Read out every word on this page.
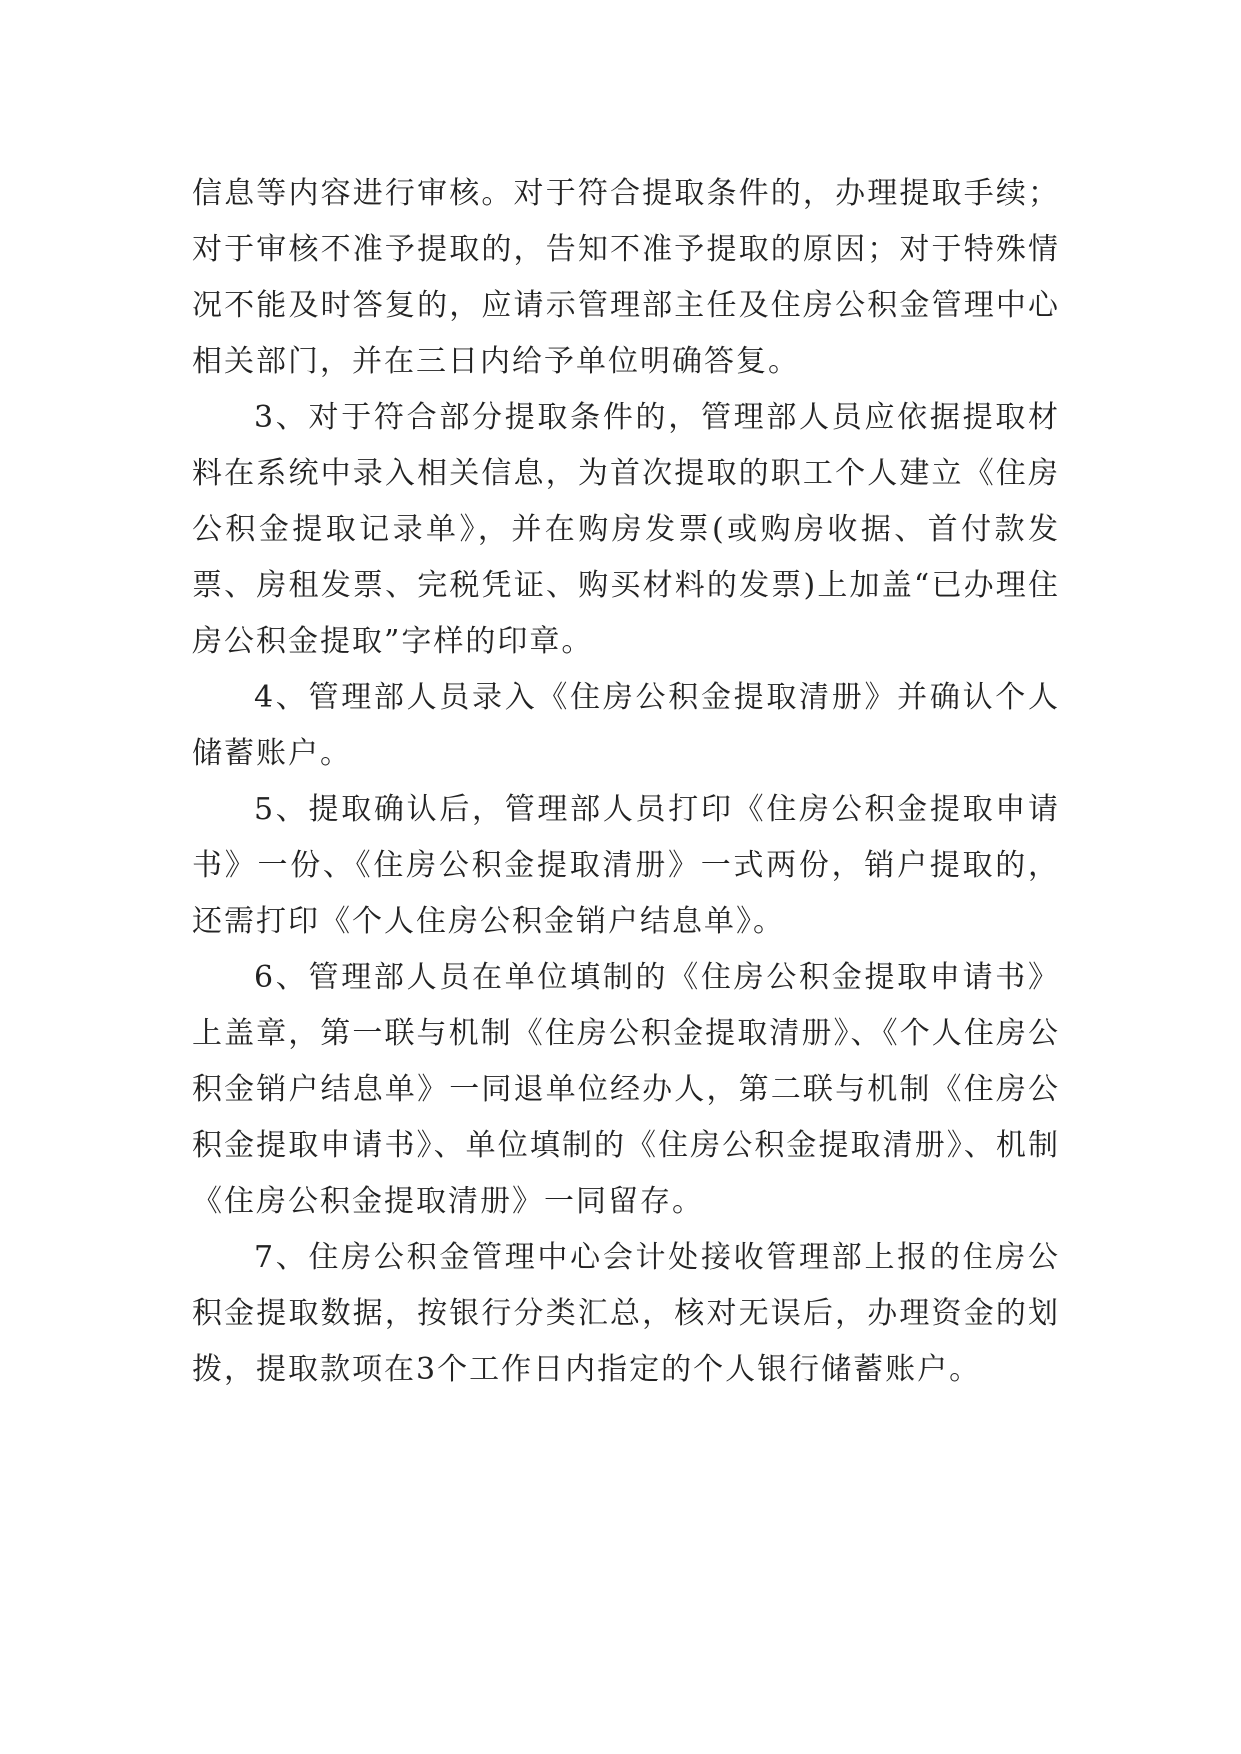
信息等内容进行审核。对于符合提取条件的，办理提取手续；对于审核不准予提取的，告知不准予提取的原因；对于特殊情况不能及时答复的，应请示管理部主任及住房公积金管理中心相关部门，并在三日内给予单位明确答复。

3、对于符合部分提取条件的，管理部人员应依据提取材料在系统中录入相关信息，为首次提取的职工个人建立《住房公积金提取记录单》，并在购房发票(或购房收据、首付款发票、房租发票、完税凭证、购买材料的发票)上加盖“已办理住房公积金提取”字样的印章。

4、管理部人员录入《住房公积金提取清册》并确认个人储蓄账户。

5、提取确认后，管理部人员打印《住房公积金提取申请书》一份、《住房公积金提取清册》一式两份，销户提取的，还需打印《个人住房公积金销户结息单》。

6、管理部人员在单位填制的《住房公积金提取申请书》上盖章，第一联与机制《住房公积金提取清册》、《个人住房公积金销户结息单》一同退单位经办人，第二联与机制《住房公积金提取申请书》、单位填制的《住房公积金提取清册》、机制《住房公积金提取清册》一同留存。

7、住房公积金管理中心会计处接收管理部上报的住房公积金提取数据，按银行分类汇总，核对无误后，办理资金的划拨，提取款项在3个工作日内指定的个人银行储蓄账户。
